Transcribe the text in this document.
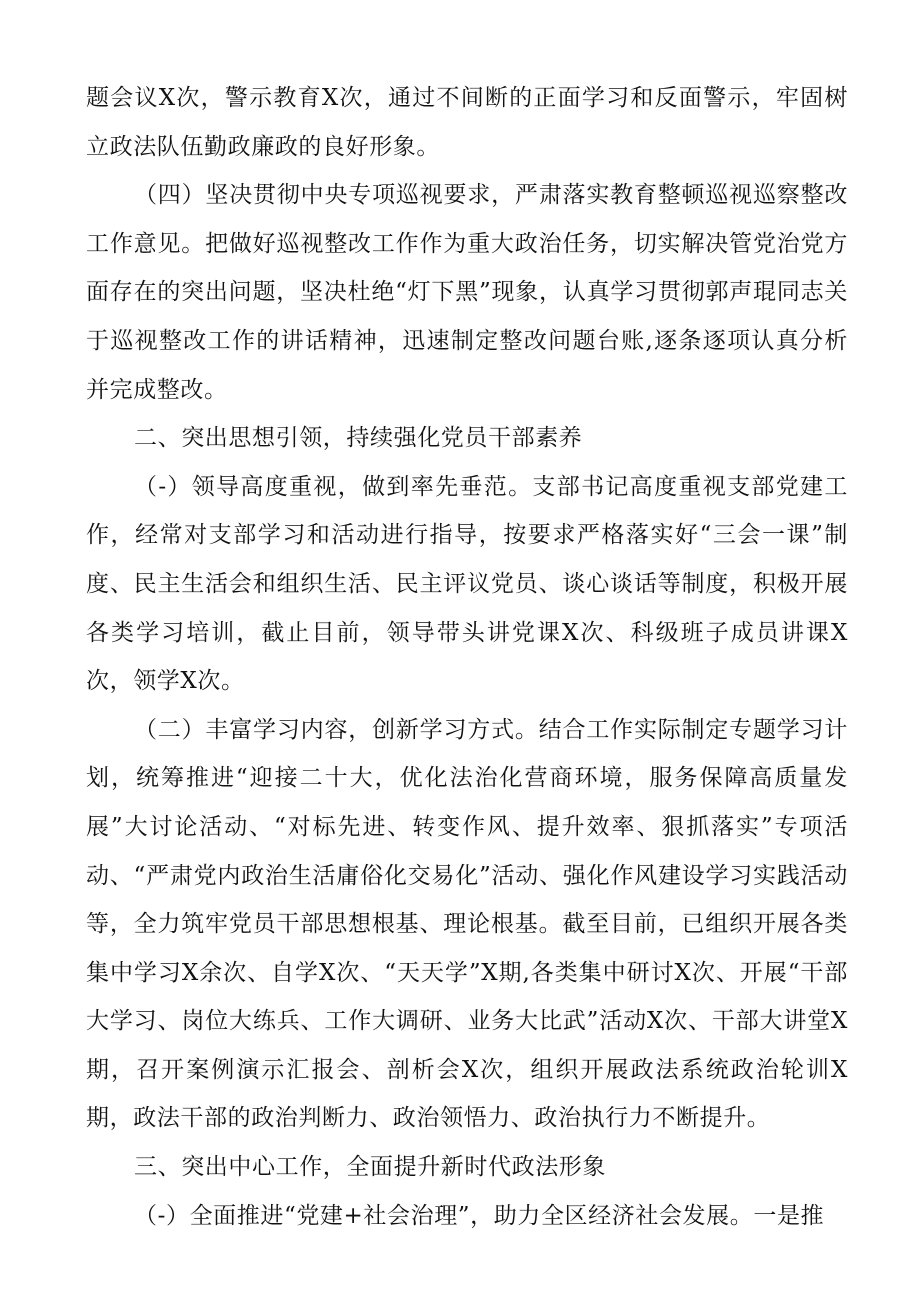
题会议X次，警示教育X次，通过不间断的正面学习和反面警示，牢固树立政法队伍勤政廉政的良好形象。

（四）坚决贯彻中央专项巡视要求，严肃落实教育整顿巡视巡察整改工作意见。把做好巡视整改工作作为重大政治任务，切实解决管党治党方面存在的突出问题，坚决杜绝“灯下黑”现象，认真学习贯彻郭声琨同志关于巡视整改工作的讲话精神，迅速制定整改问题台账,逐条逐项认真分析并完成整改。

二、突出思想引领，持续强化党员干部素养

（-）领导高度重视，做到率先垂范。支部书记高度重视支部党建工作，经常对支部学习和活动进行指导，按要求严格落实好“三会一课”制度、民主生活会和组织生活、民主评议党员、谈心谈话等制度，积极开展各类学习培训，截止目前，领导带头讲党课X次、科级班子成员讲课X次，领学X次。

（二）丰富学习内容，创新学习方式。结合工作实际制定专题学习计划，统筹推进“迎接二十大，优化法治化营商环境，服务保障高质量发展”大讨论活动、“对标先进、转变作风、提升效率、狠抓落实”专项活动、“严肃党内政治生活庸俗化交易化”活动、强化作风建设学习实践活动等，全力筑牢党员干部思想根基、理论根基。截至目前，已组织开展各类集中学习X余次、自学X次、“天天学”X期,各类集中研讨X次、开展“干部大学习、岗位大练兵、工作大调研、业务大比武”活动X次、干部大讲堂X期，召开案例演示汇报会、剖析会X次，组织开展政法系统政治轮训X期，政法干部的政治判断力、政治领悟力、政治执行力不断提升。

三、突出中心工作，全面提升新时代政法形象

（-）全面推进“党建+社会治理”，助力全区经济社会发展。一是推
